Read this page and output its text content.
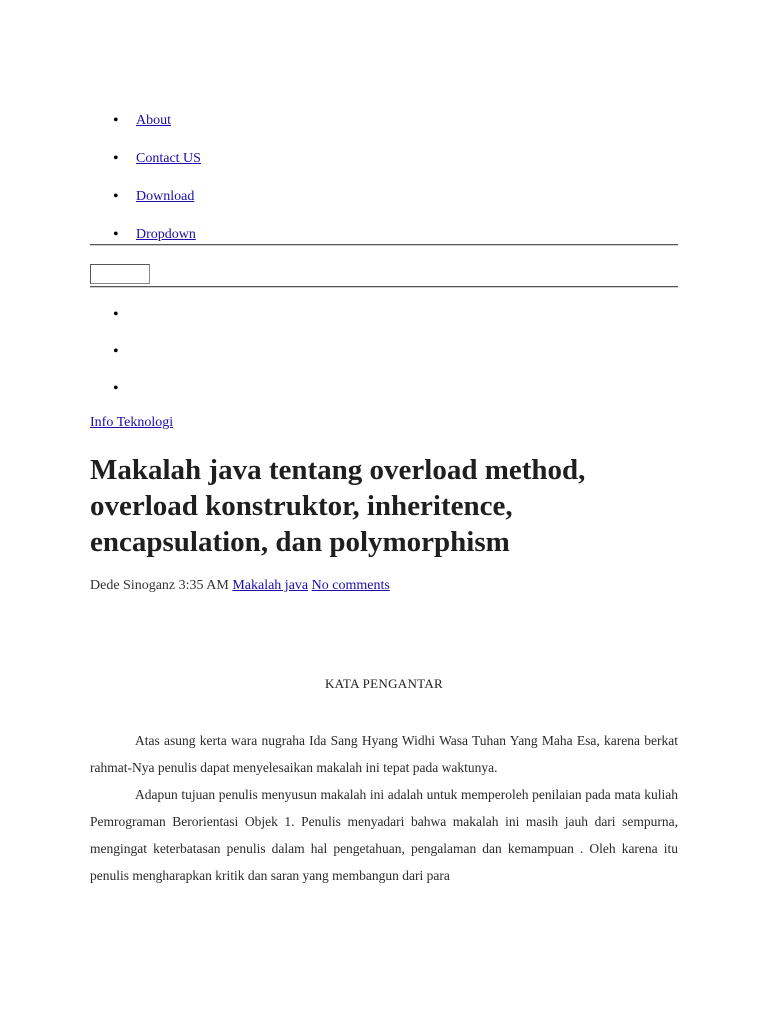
• About
• Contact US
• Download
• Dropdown
•
•
•
Info Teknologi
Makalah java tentang overload method, overload konstruktor, inheritence, encapsulation, dan polymorphism
Dede Sinoganz 3:35 AM Makalah java No comments
KATA PENGANTAR

Atas asung kerta wara nugraha Ida Sang Hyang Widhi Wasa Tuhan Yang Maha Esa, karena berkat rahmat-Nya penulis dapat menyelesaikan makalah ini tepat pada waktunya.

Adapun tujuan penulis menyusun makalah ini adalah untuk memperoleh penilaian pada mata kuliah Pemrograman Berorientasi Objek 1. Penulis menyadari bahwa makalah ini masih jauh dari sempurna, mengingat keterbatasan penulis dalam hal pengetahuan, pengalaman dan kemampuan . Oleh karena itu penulis mengharapkan kritik dan saran yang membangun dari para
